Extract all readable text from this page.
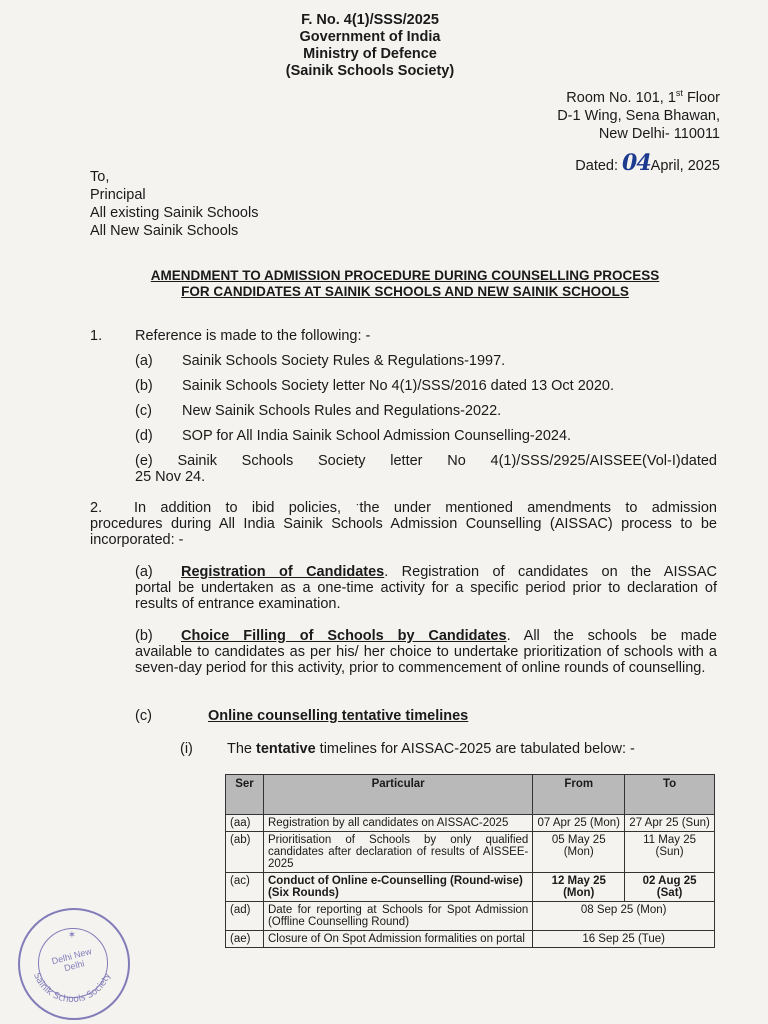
F. No. 4(1)/SSS/2025
Government of India
Ministry of Defence
(Sainik Schools Society)
Room No. 101, 1st Floor
D-1 Wing, Sena Bhawan,
New Delhi- 110011
Dated: 04April, 2025
To,
Principal
All existing Sainik Schools
All New Sainik Schools
AMENDMENT TO ADMISSION PROCEDURE DURING COUNSELLING PROCESS
FOR CANDIDATES AT SAINIK SCHOOLS AND NEW SAINIK SCHOOLS
1. Reference is made to the following: -
(a) Sainik Schools Society Rules & Regulations-1997.
(b) Sainik Schools Society letter No 4(1)/SSS/2016 dated 13 Oct 2020.
(c) New Sainik Schools Rules and Regulations-2022.
(d) SOP for All India Sainik School Admission Counselling-2024.
(e) Sainik Schools Society letter No 4(1)/SSS/2925/AISSEE(Vol-I)dated
25 Nov 24.
2. In addition to ibid policies, ˑthe under mentioned amendments to admission
procedures during All India Sainik Schools Admission Counselling (AISSAC) process to be incorporated: -
(a) Registration of Candidates. Registration of candidates on the AISSAC
portal be undertaken as a one-time activity for a specific period prior to declaration of results of entrance examination.
(b) Choice Filling of Schools by Candidates. All the schools be made
available to candidates as per his/ her choice to undertake prioritization of schools with a seven-day period for this activity, prior to commencement of online rounds of counselling.
(c)	Online counselling tentative timelines
(i) The tentative timelines for AISSAC-2025 are tabulated below: -
Ser	Particular	From	To
(aa)	Registration by all candidates on AISSAC-2025	07 Apr 25 (Mon)	27 Apr 25 (Sun)
(ab)	Prioritisation of Schools by only qualified candidates after declaration of results of AISSEE-2025	05 May 25 (Mon)	11 May 25 (Sun)
(ac)	Conduct of Online e-Counselling (Round-wise) (Six Rounds)	12 May 25 (Mon)	02 Aug 25 (Sat)
(ad)	Date for reporting at Schools for Spot Admission (Offline Counselling Round)	08 Sep 25 (Mon)	
(ae)	Closure of On Spot Admission formalities on portal	16 Sep 25 (Tue)	
Sainik Schools Society
✶
Delhi New Delhi
